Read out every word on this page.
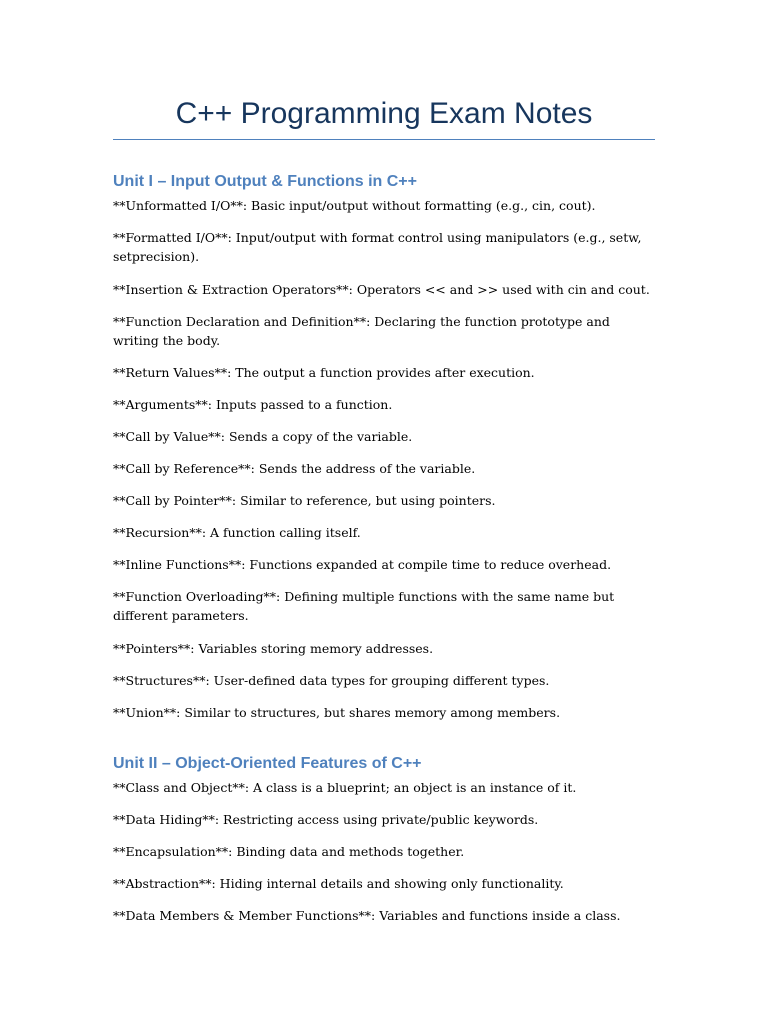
C++ Programming Exam Notes
Unit I – Input Output & Functions in C++

**Unformatted I/O**: Basic input/output without formatting (e.g., cin, cout).

**Formatted I/O**: Input/output with format control using manipulators (e.g., setw, setprecision).

**Insertion & Extraction Operators**: Operators << and >> used with cin and cout.

**Function Declaration and Definition**: Declaring the function prototype and writing the body.

**Return Values**: The output a function provides after execution.

**Arguments**: Inputs passed to a function.

**Call by Value**: Sends a copy of the variable.

**Call by Reference**: Sends the address of the variable.

**Call by Pointer**: Similar to reference, but using pointers.

**Recursion**: A function calling itself.

**Inline Functions**: Functions expanded at compile time to reduce overhead.

**Function Overloading**: Defining multiple functions with the same name but different parameters.

**Pointers**: Variables storing memory addresses.

**Structures**: User-defined data types for grouping different types.

**Union**: Similar to structures, but shares memory among members.

Unit II – Object-Oriented Features of C++

**Class and Object**: A class is a blueprint; an object is an instance of it.

**Data Hiding**: Restricting access using private/public keywords.

**Encapsulation**: Binding data and methods together.

**Abstraction**: Hiding internal details and showing only functionality.

**Data Members & Member Functions**: Variables and functions inside a class.
